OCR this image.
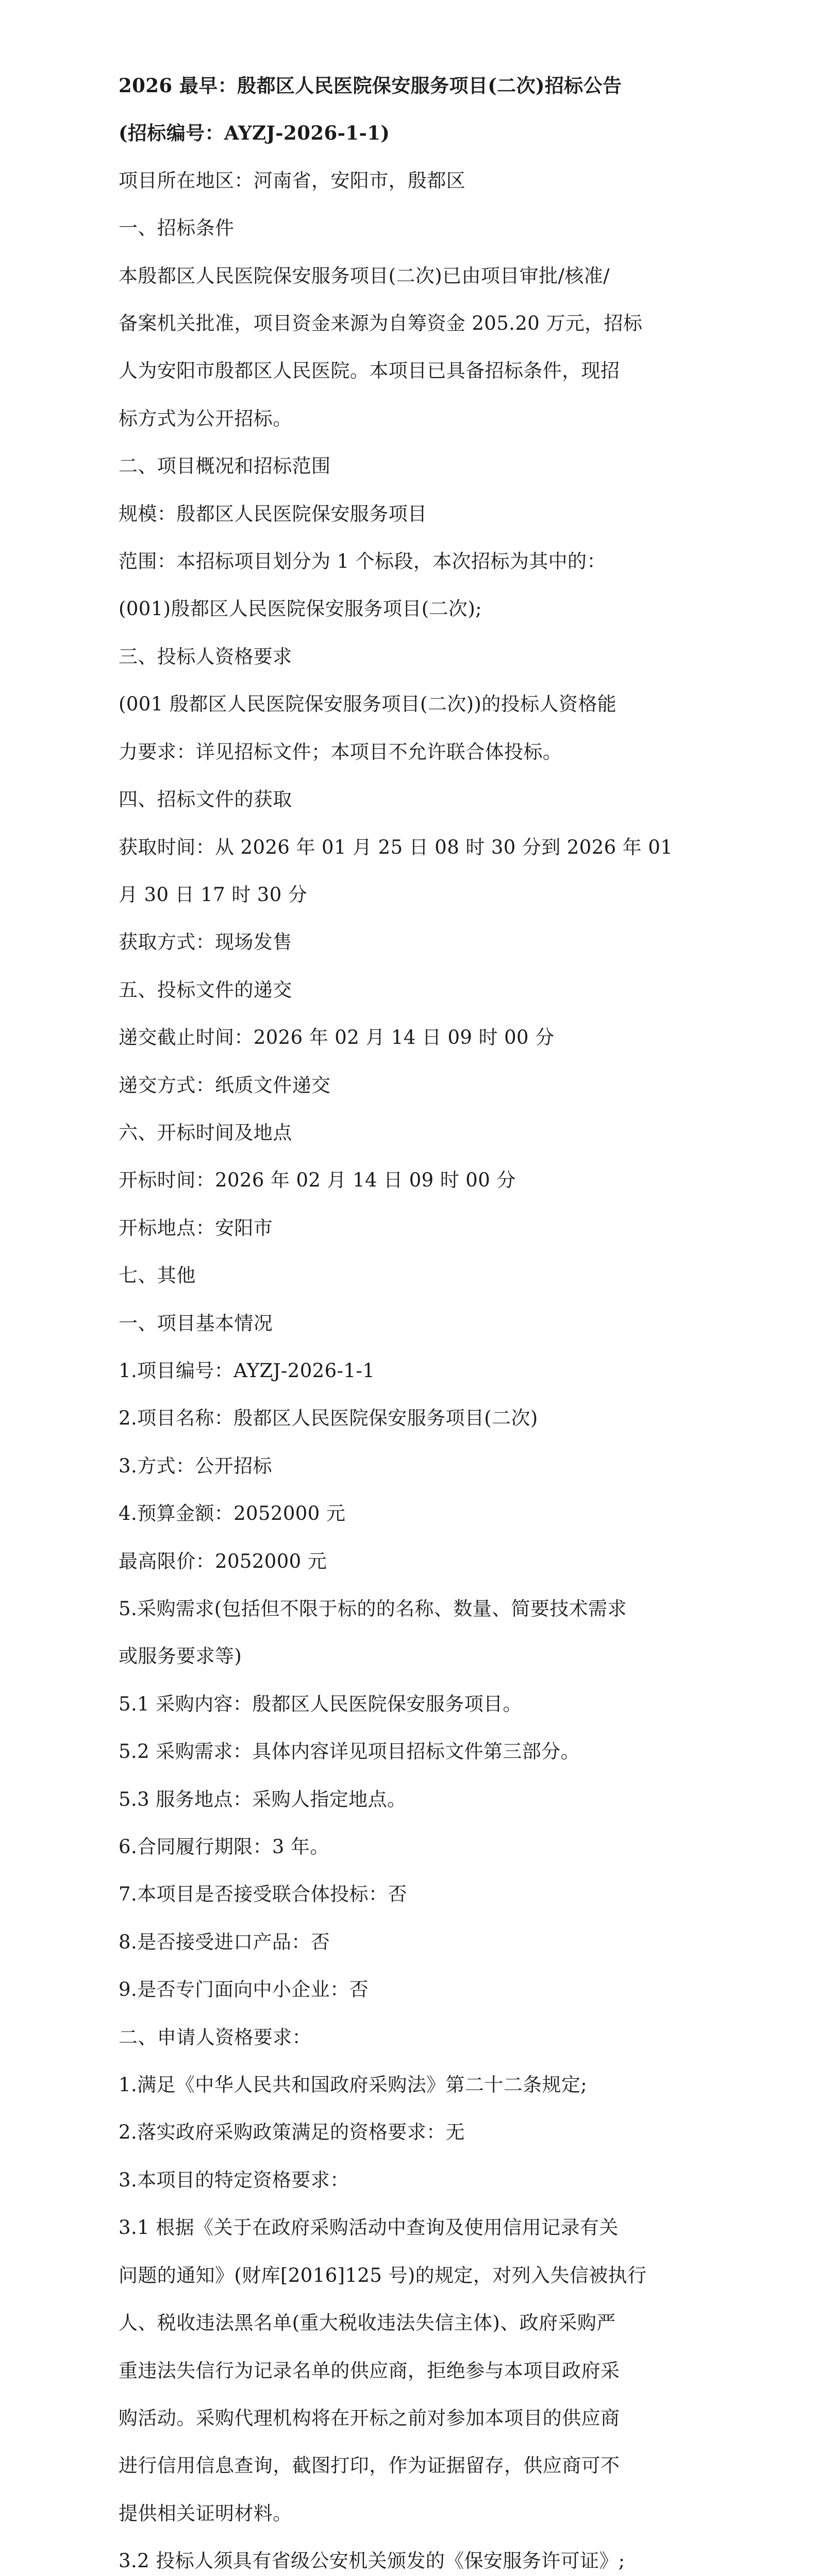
2026 最早：殷都区人民医院保安服务项目(二次)招标公告
(招标编号：AYZJ-2026-1-1)
项目所在地区：河南省，安阳市，殷都区
一、招标条件
本殷都区人民医院保安服务项目(二次)已由项目审批/核准/
备案机关批准，项目资金来源为自筹资金 205.20 万元，招标
人为安阳市殷都区人民医院。本项目已具备招标条件，现招
标方式为公开招标。
二、项目概况和招标范围
规模：殷都区人民医院保安服务项目
范围：本招标项目划分为 1 个标段，本次招标为其中的：
(001)殷都区人民医院保安服务项目(二次);
三、投标人资格要求
(001 殷都区人民医院保安服务项目(二次))的投标人资格能
力要求：详见招标文件；本项目不允许联合体投标。
四、招标文件的获取
获取时间：从 2026 年 01 月 25 日 08 时 30 分到 2026 年 01
月 30 日 17 时 30 分
获取方式：现场发售
五、投标文件的递交
递交截止时间：2026 年 02 月 14 日 09 时 00 分
递交方式：纸质文件递交
六、开标时间及地点
开标时间：2026 年 02 月 14 日 09 时 00 分
开标地点：安阳市
七、其他
一、项目基本情况
1.项目编号：AYZJ-2026-1-1
2.项目名称：殷都区人民医院保安服务项目(二次)
3.方式：公开招标
4.预算金额：2052000 元
最高限价：2052000 元
5.采购需求(包括但不限于标的的名称、数量、简要技术需求
或服务要求等)
5.1 采购内容：殷都区人民医院保安服务项目。
5.2 采购需求：具体内容详见项目招标文件第三部分。
5.3 服务地点：采购人指定地点。
6.合同履行期限：3 年。
7.本项目是否接受联合体投标：否
8.是否接受进口产品：否
9.是否专门面向中小企业：否
二、申请人资格要求：
1.满足《中华人民共和国政府采购法》第二十二条规定;
2.落实政府采购政策满足的资格要求：无
3.本项目的特定资格要求：
3.1 根据《关于在政府采购活动中查询及使用信用记录有关
问题的通知》(财库[2016]125 号)的规定，对列入失信被执行
人、税收违法黑名单(重大税收违法失信主体)、政府采购严
重违法失信行为记录名单的供应商，拒绝参与本项目政府采
购活动。采购代理机构将在开标之前对参加本项目的供应商
进行信用信息查询，截图打印，作为证据留存，供应商可不
提供相关证明材料。
3.2 投标人须具有省级公安机关颁发的《保安服务许可证》;
